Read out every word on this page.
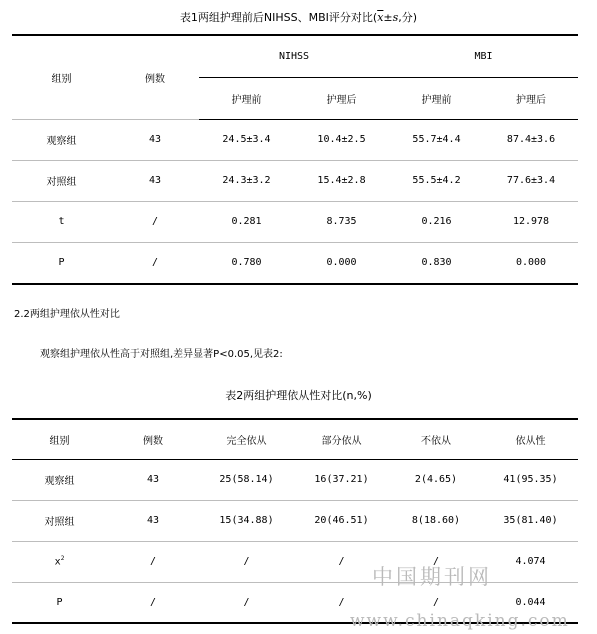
表1两组护理前后NIHSS、MBI评分对比($\overline{x}\pm s$,分)
组别	例数	NIHSS		MBI	
		护理前	护理后	护理前	护理后
观察组	43	24.5±3.4	10.4±2.5	55.7±4.4	87.4±3.6
对照组	43	24.3±3.2	15.4±2.8	55.5±4.2	77.6±3.4
t	/	0.281	8.735	0.216	12.978
P	/	0.780	0.000	0.830	0.000
2.2两组护理依从性对比
观察组护理依从性高于对照组,差异显著P<0.05,见表2:
表2两组护理依从性对比(n,%)
组别	例数	完全依从	部分依从	不依从	依从性
观察组	43	25(58.14)	16(37.21)	2(4.65)	41(95.35)
对照组	43	15(34.88)	20(46.51)	8(18.60)	35(81.40)
$x^2$	/	/	/	/	4.074
P	/	/	/	/	0.044
中国期刊网
www.chinaqking.com
